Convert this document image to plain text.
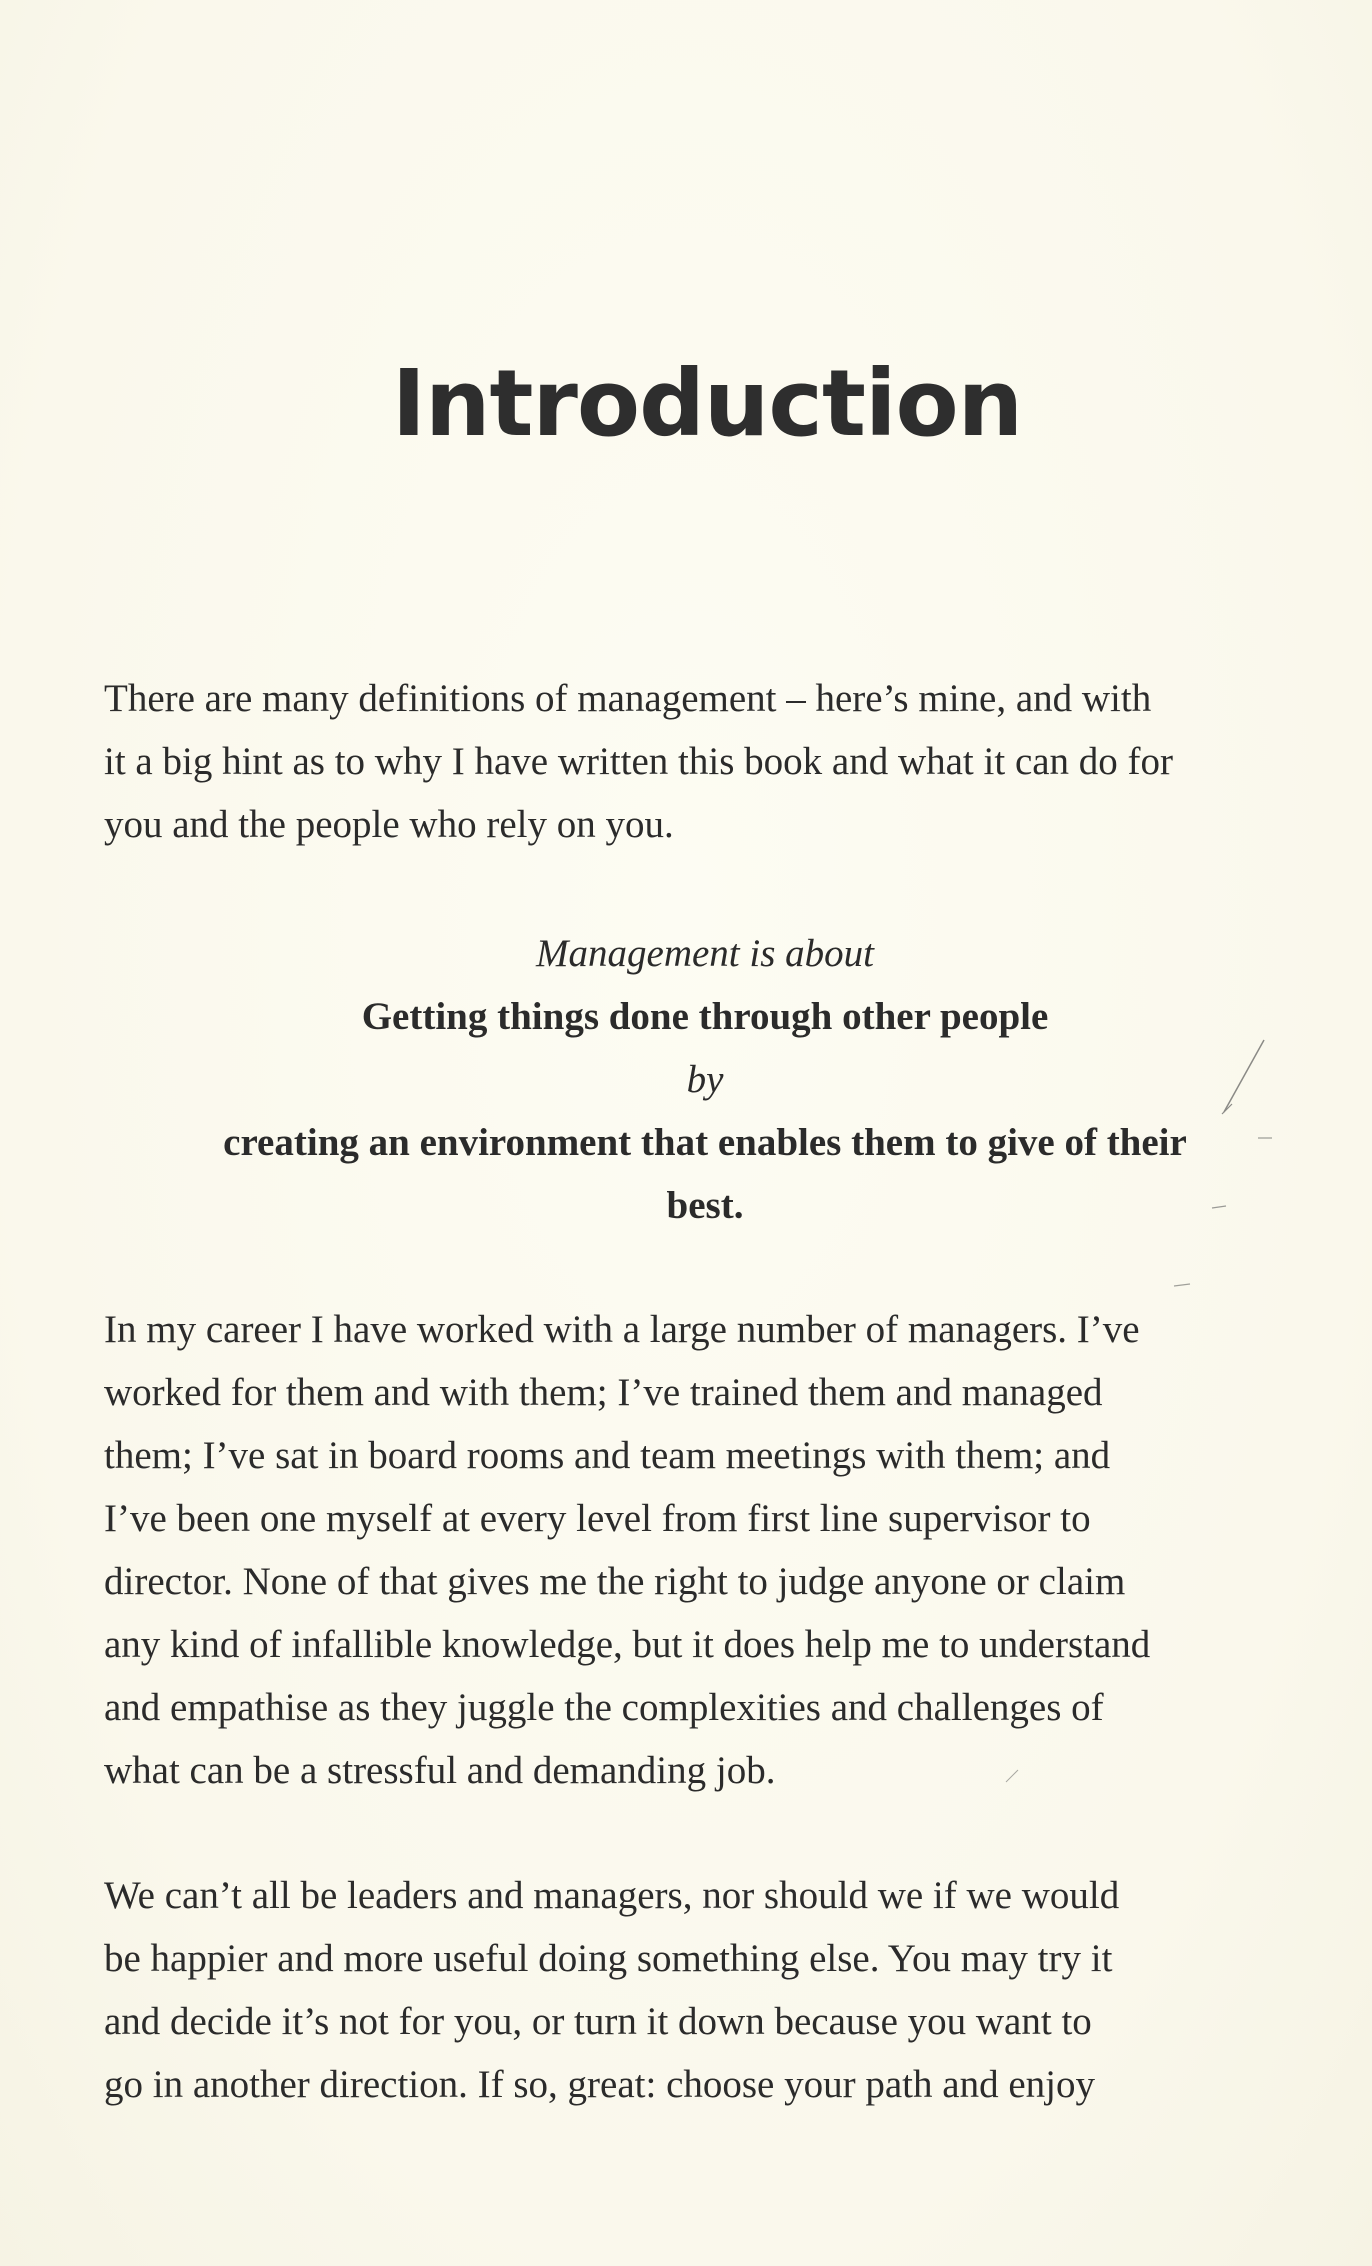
Introduction

There are many definitions of management – here’s mine, and with
it a big hint as to why I have written this book and what it can do for
you and the people who rely on you.

Management is about
Getting things done through other people
by
creating an environment that enables them to give of their
best.

In my career I have worked with a large number of managers. I’ve
worked for them and with them; I’ve trained them and managed
them; I’ve sat in board rooms and team meetings with them; and
I’ve been one myself at every level from first line supervisor to
director. None of that gives me the right to judge anyone or claim
any kind of infallible knowledge, but it does help me to understand
and empathise as they juggle the complexities and challenges of
what can be a stressful and demanding job.

We can’t all be leaders and managers, nor should we if we would
be happier and more useful doing something else. You may try it
and decide it’s not for you, or turn it down because you want to
go in another direction. If so, great: choose your path and enjoy
